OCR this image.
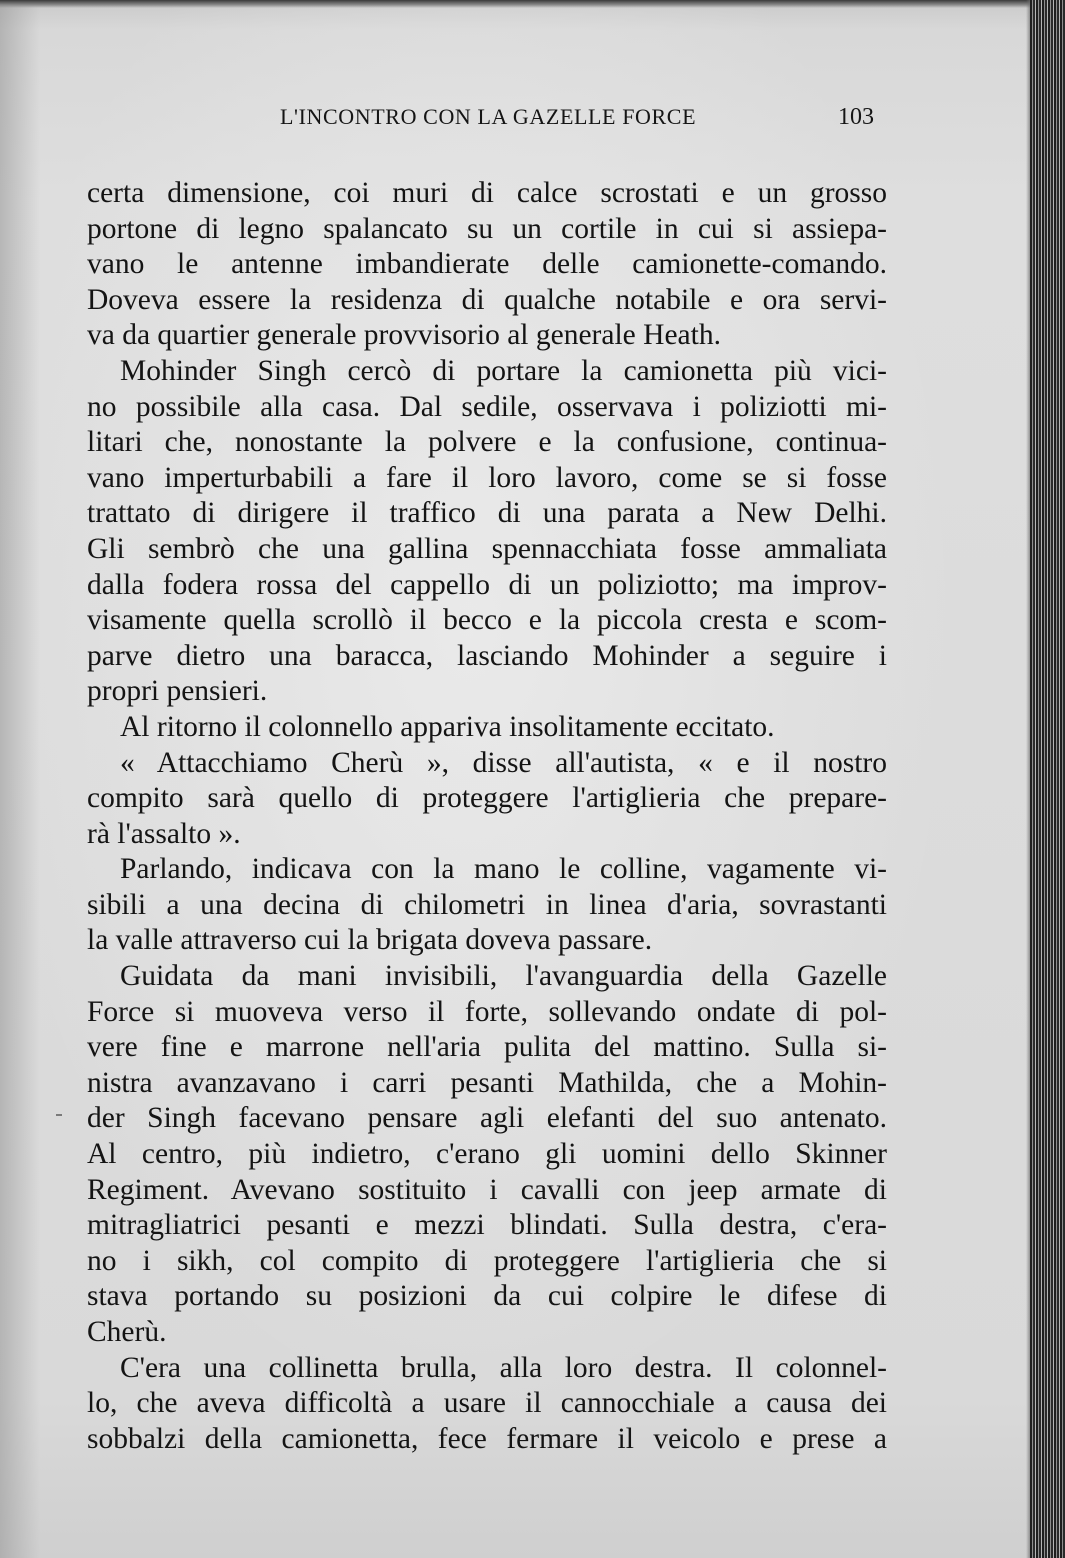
L'INCONTRO CON LA GAZELLE FORCE	103
certa dimensione, coi muri di calce scrostati e un grosso
portone di legno spalancato su un cortile in cui si assiepa-
vano le antenne imbandierate delle camionette-comando.
Doveva essere la residenza di qualche notabile e ora servi-
va da quartier generale provvisorio al generale Heath.
Mohinder Singh cercò di portare la camionetta più vici-
no possibile alla casa. Dal sedile, osservava i poliziotti mi-
litari che, nonostante la polvere e la confusione, continua-
vano imperturbabili a fare il loro lavoro, come se si fosse
trattato di dirigere il traffico di una parata a New Delhi.
Gli sembrò che una gallina spennacchiata fosse ammaliata
dalla fodera rossa del cappello di un poliziotto; ma improv-
visamente quella scrollò il becco e la piccola cresta e scom-
parve dietro una baracca, lasciando Mohinder a seguire i
propri pensieri.
Al ritorno il colonnello appariva insolitamente eccitato.
« Attacchiamo Cherù », disse all'autista, « e il nostro
compito sarà quello di proteggere l'artiglieria che prepare-
rà l'assalto ».
Parlando, indicava con la mano le colline, vagamente vi-
sibili a una decina di chilometri in linea d'aria, sovrastanti
la valle attraverso cui la brigata doveva passare.
Guidata da mani invisibili, l'avanguardia della Gazelle
Force si muoveva verso il forte, sollevando ondate di pol-
vere fine e marrone nell'aria pulita del mattino. Sulla si-
nistra avanzavano i carri pesanti Mathilda, che a Mohin-
der Singh facevano pensare agli elefanti del suo antenato.
Al centro, più indietro, c'erano gli uomini dello Skinner
Regiment. Avevano sostituito i cavalli con jeep armate di
mitragliatrici pesanti e mezzi blindati. Sulla destra, c'era-
no i sikh, col compito di proteggere l'artiglieria che si
stava portando su posizioni da cui colpire le difese di
Cherù.
C'era una collinetta brulla, alla loro destra. Il colonnel-
lo, che aveva difficoltà a usare il cannocchiale a causa dei
sobbalzi della camionetta, fece fermare il veicolo e prese a
